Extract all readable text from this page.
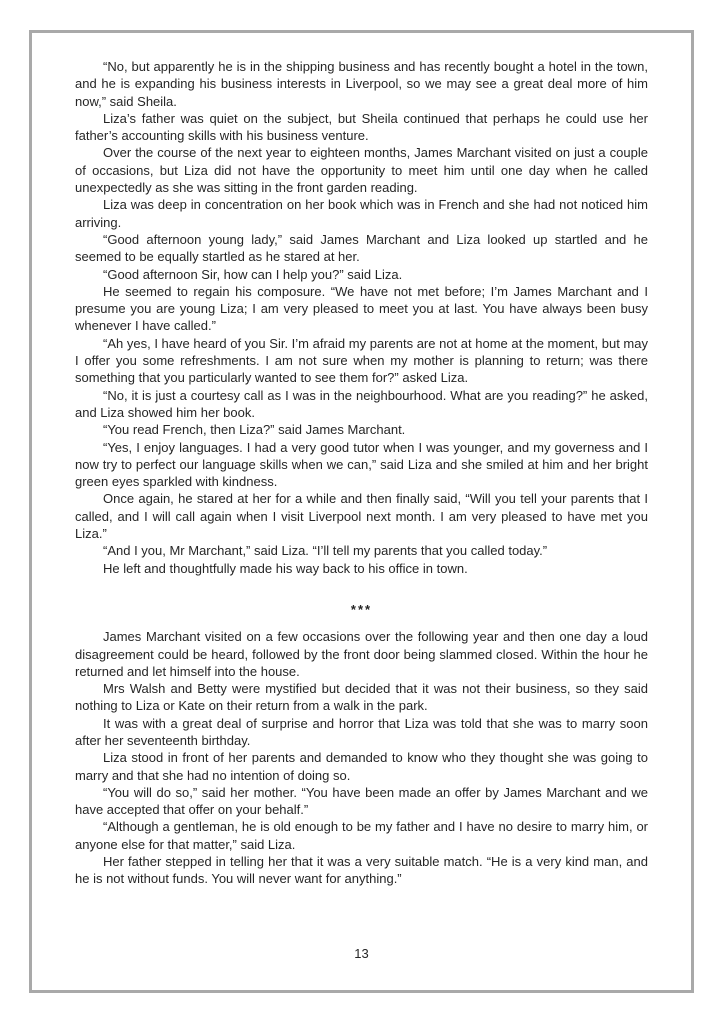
“No, but apparently he is in the shipping business and has recently bought a hotel in the town, and he is expanding his business interests in Liverpool, so we may see a great deal more of him now,” said Sheila.

Liza’s father was quiet on the subject, but Sheila continued that perhaps he could use her father’s accounting skills with his business venture.

Over the course of the next year to eighteen months, James Marchant visited on just a couple of occasions, but Liza did not have the opportunity to meet him until one day when he called unexpectedly as she was sitting in the front garden reading.

Liza was deep in concentration on her book which was in French and she had not noticed him arriving.

“Good afternoon young lady,” said James Marchant and Liza looked up startled and he seemed to be equally startled as he stared at her.

“Good afternoon Sir, how can I help you?” said Liza.

He seemed to regain his composure. “We have not met before; I’m James Marchant and I presume you are young Liza; I am very pleased to meet you at last. You have always been busy whenever I have called.”

“Ah yes, I have heard of you Sir. I’m afraid my parents are not at home at the moment, but may I offer you some refreshments. I am not sure when my mother is planning to return; was there something that you particularly wanted to see them for?” asked Liza.

“No, it is just a courtesy call as I was in the neighbourhood. What are you reading?” he asked, and Liza showed him her book.

“You read French, then Liza?” said James Marchant.

“Yes, I enjoy languages. I had a very good tutor when I was younger, and my governess and I now try to perfect our language skills when we can,” said Liza and she smiled at him and her bright green eyes sparkled with kindness.

Once again, he stared at her for a while and then finally said, “Will you tell your parents that I called, and I will call again when I visit Liverpool next month. I am very pleased to have met you Liza.”

“And I you, Mr Marchant,” said Liza. “I’ll tell my parents that you called today.”

He left and thoughtfully made his way back to his office in town.

***

James Marchant visited on a few occasions over the following year and then one day a loud disagreement could be heard, followed by the front door being slammed closed. Within the hour he returned and let himself into the house.

Mrs Walsh and Betty were mystified but decided that it was not their business, so they said nothing to Liza or Kate on their return from a walk in the park.

It was with a great deal of surprise and horror that Liza was told that she was to marry soon after her seventeenth birthday.

Liza stood in front of her parents and demanded to know who they thought she was going to marry and that she had no intention of doing so.

“You will do so,” said her mother. “You have been made an offer by James Marchant and we have accepted that offer on your behalf.”

“Although a gentleman, he is old enough to be my father and I have no desire to marry him, or anyone else for that matter,” said Liza.

Her father stepped in telling her that it was a very suitable match. “He is a very kind man, and he is not without funds. You will never want for anything.”

13
